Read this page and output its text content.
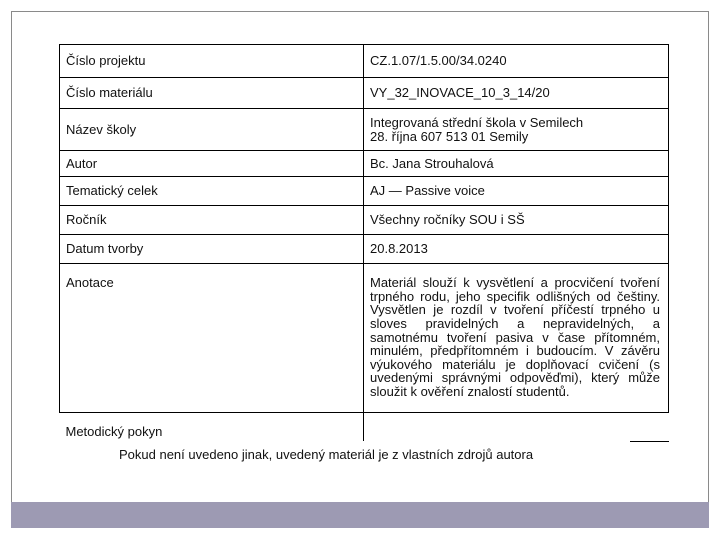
Číslo projektu	CZ.1.07/1.5.00/34.0240
Číslo materiálu	VY_32_INOVACE_10_3_14/20
Název školy	Integrovaná střední škola v Semilech
28. října 607 513 01 Semily
Autor	Bc. Jana Strouhalová
Tematický celek	AJ — Passive voice
Ročník	Všechny ročníky SOU i SŠ
Datum tvorby	20.8.2013
Anotace	Materiál slouží k vysvětlení a procvičení tvoření trpného rodu, jeho specifik odlišných od češtiny. Vysvětlen je rozdíl v tvoření příčestí trpného u sloves pravidelných a nepravidelných, a samotnému tvoření pasiva v čase přítomném, minulém, předpřítomném i budoucím. V závěru výukového materiálu je doplňovací cvičení (s uvedenými správnými odpověďmi), který může sloužit k ověření znalostí studentů.
Metodický pokyn	
Pokud není uvedeno jinak, uvedený materiál je z vlastních zdrojů autora
